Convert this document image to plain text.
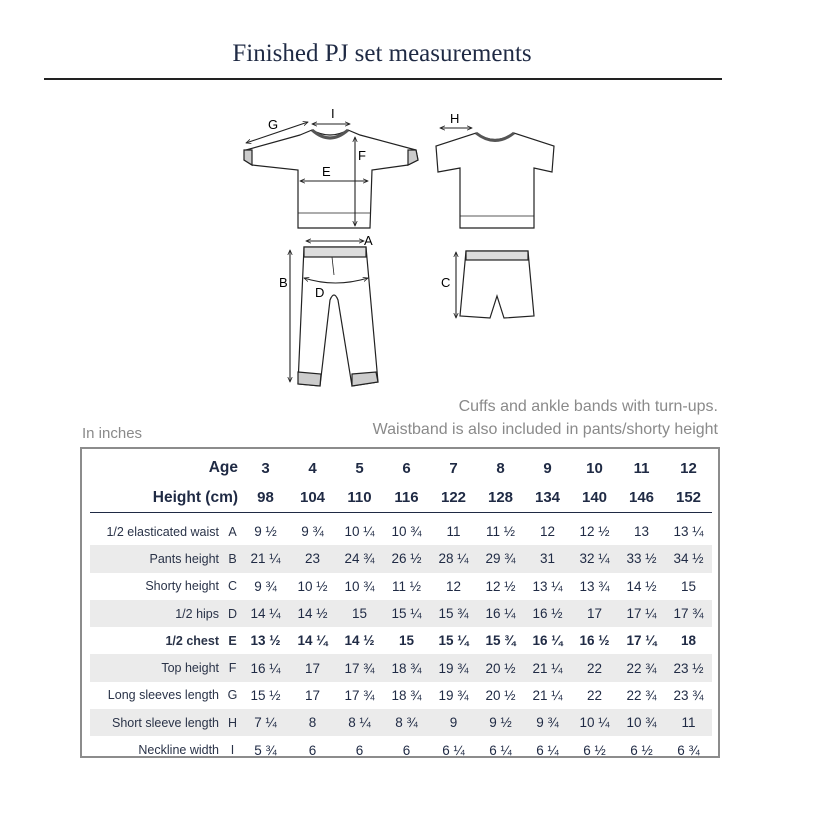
Finished PJ set measurements
I
G
F
E
H
A
B
D
C
Cuffs and ankle bands with turn-ups.
Waistband is also included in pants/shorty height
In inches
Age		3	4	5	6	7	8	9	10	11	12
Height (cm)		98	104	110	116	122	128	134	140	146	152

1/2 elasticated waist	A	9 ½	9 ¾	10 ¼	10 ¾	11	11 ½	12	12 ½	13	13 ¼
Pants height	B	21 ¼	23	24 ¾	26 ½	28 ¼	29 ¾	31	32 ¼	33 ½	34 ½
Shorty height	C	9 ¾	10 ½	10 ¾	11 ½	12	12 ½	13 ¼	13 ¾	14 ½	15
1/2 hips	D	14 ¼	14 ½	15	15 ¼	15 ¾	16 ¼	16 ½	17	17 ¼	17 ¾
1/2 chest	E	13 ½	14 ¼	14 ½	15	15 ¼	15 ¾	16 ¼	16 ½	17 ¼	18
Top height	F	16 ¼	17	17 ¾	18 ¾	19 ¾	20 ½	21 ¼	22	22 ¾	23 ½
Long sleeves length	G	15 ½	17	17 ¾	18 ¾	19 ¾	20 ½	21 ¼	22	22 ¾	23 ¾
Short sleeve length	H	7 ¼	8	8 ¼	8 ¾	9	9 ½	9 ¾	10 ¼	10 ¾	11
Neckline width	I	5 ¾	6	6	6	6 ¼	6 ¼	6 ¼	6 ½	6 ½	6 ¾
